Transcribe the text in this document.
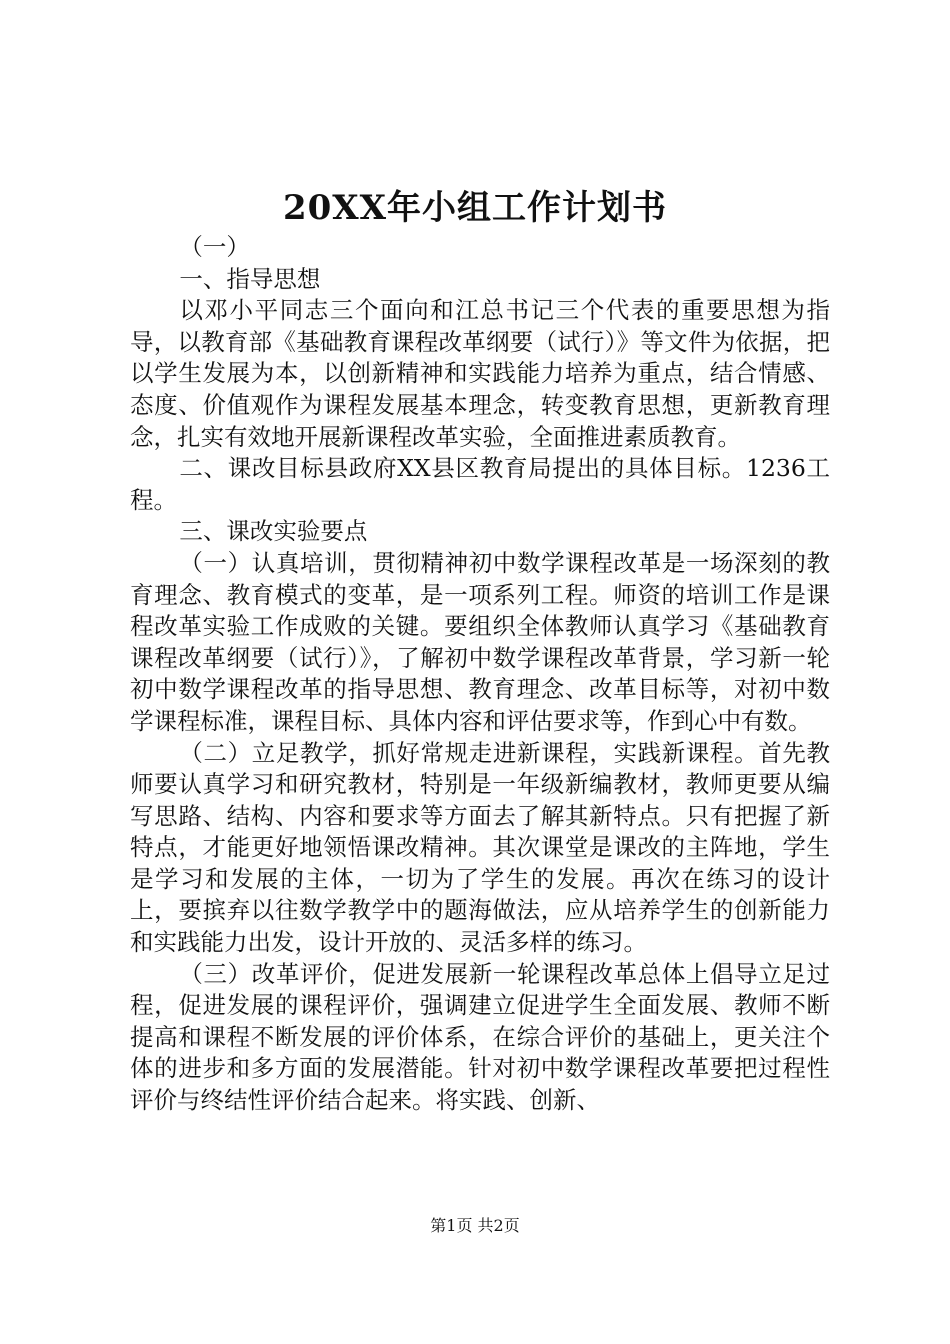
20XX年小组工作计划书

（一）

一、指导思想

以邓小平同志三个面向和江总书记三个代表的重要思想为指导，以教育部《基础教育课程改革纲要（试行）》等文件为依据，把以学生发展为本，以创新精神和实践能力培养为重点，结合情感、态度、价值观作为课程发展基本理念，转变教育思想，更新教育理念，扎实有效地开展新课程改革实验，全面推进素质教育。

二、课改目标县政府XX县区教育局提出的具体目标。1236工程。

三、课改实验要点

（一）认真培训，贯彻精神初中数学课程改革是一场深刻的教育理念、教育模式的变革，是一项系列工程。师资的培训工作是课程改革实验工作成败的关键。要组织全体教师认真学习《基础教育课程改革纲要（试行）》，了解初中数学课程改革背景，学习新一轮初中数学课程改革的指导思想、教育理念、改革目标等，对初中数学课程标准，课程目标、具体内容和评估要求等，作到心中有数。

（二）立足教学，抓好常规走进新课程，实践新课程。首先教师要认真学习和研究教材，特别是一年级新编教材，教师更要从编写思路、结构、内容和要求等方面去了解其新特点。只有把握了新特点，才能更好地领悟课改精神。其次课堂是课改的主阵地，学生是学习和发展的主体，一切为了学生的发展。再次在练习的设计上，要摈弃以往数学教学中的题海做法，应从培养学生的创新能力和实践能力出发，设计开放的、灵活多样的练习。

（三）改革评价，促进发展新一轮课程改革总体上倡导立足过程，促进发展的课程评价，强调建立促进学生全面发展、教师不断提高和课程不断发展的评价体系，在综合评价的基础上，更关注个体的进步和多方面的发展潜能。针对初中数学课程改革要把过程性评价与终结性评价结合起来。将实践、创新、

第1页 共2页
